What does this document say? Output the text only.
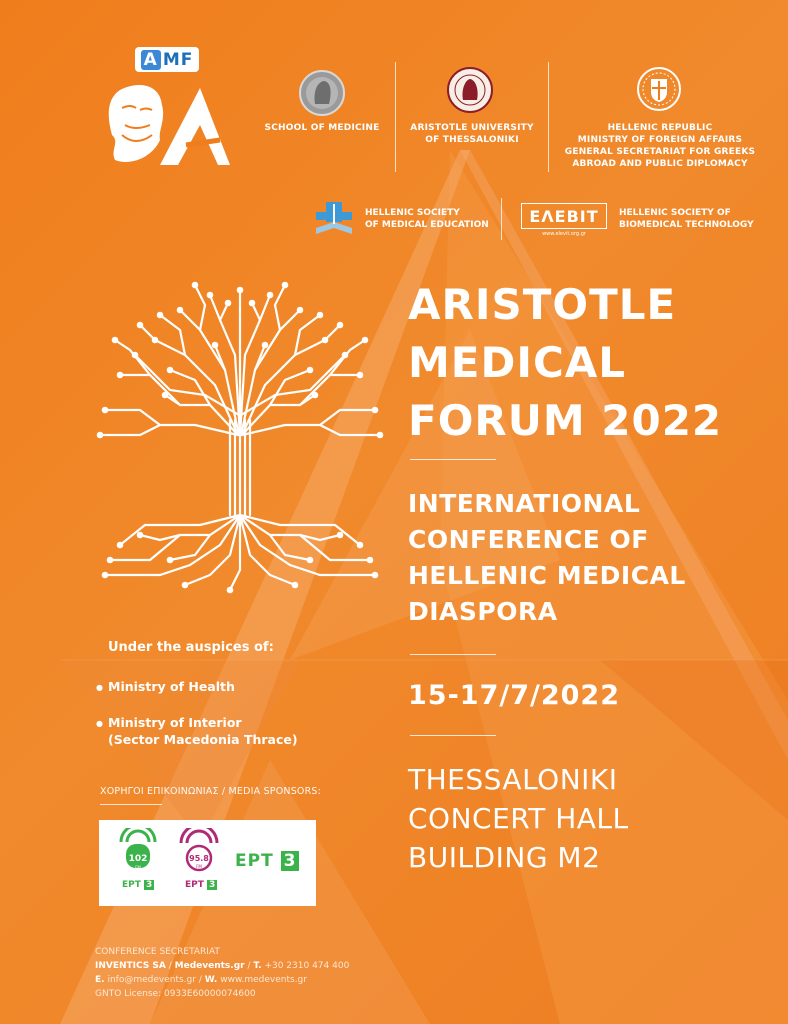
A M F
SCHOOL OF MEDICINE	ARISTOTLE UNIVERSITY
OF THESSALONIKI
HELLENIC REPUBLIC
MINISTRY OF FOREIGN AFFAIRS
GENERAL SECRETARIAT FOR GREEKS
ABROAD AND PUBLIC DIPLOMACY
HELLENIC SOCIETY
OF MEDICAL EDUCATION	ΕΛΕΒΙΤ
www.elevit.org.gr
HELLENIC SOCIETY OF
BIOMEDICAL TECHNOLOGY
ARISTOTLE
MEDICAL
FORUM 2022
INTERNATIONAL
CONFERENCE OF
HELLENIC MEDICAL
DIASPORA
15-17/7/2022
THESSALONIKI
CONCERT HALL
BUILDING M2
Under the auspices of:
● Ministry of Health
● Ministry of Interior
(Sector Macedonia Thrace)
ΧΟΡΗΓΟΙ ΕΠΙΚΟΙΝΩΝΙΑΣ / MEDIA SPONSORS:
102
FM
ΕΡΤ 3
95.8
FM
ΕΡΤ 3
ΕΡΤ 3
CONFERENCE SECRETARIAT
INVENTICS SA / Medevents.gr / T. +30 2310 474 400
E. info@medevents.gr / W. www.medevents.gr
GNTO License: 0933E60000074600
